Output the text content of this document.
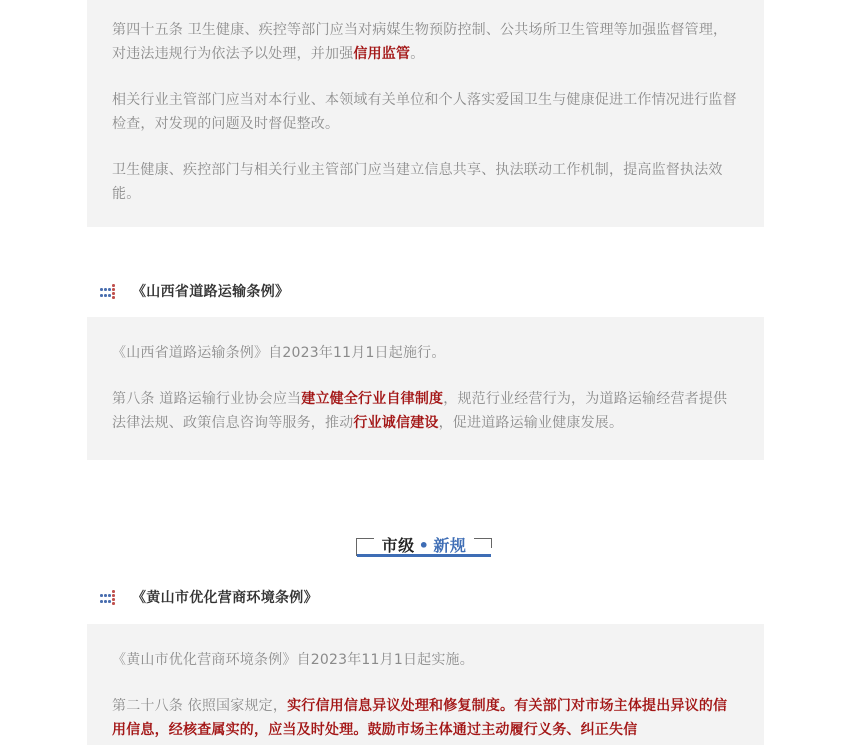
第四十五条 卫生健康、疾控等部门应当对病媒生物预防控制、公共场所卫生管理等加强监督管理，对违法违规行为依法予以处理，并加强信用监管。

相关行业主管部门应当对本行业、本领域有关单位和个人落实爱国卫生与健康促进工作情况进行监督检查，对发现的问题及时督促整改。

卫生健康、疾控部门与相关行业主管部门应当建立信息共享、执法联动工作机制，提高监督执法效能。

《山西省道路运输条例》

《山西省道路运输条例》自2023年11月1日起施行。

第八条 道路运输行业协会应当建立健全行业自律制度，规范行业经营行为，为道路运输经营者提供法律法规、政策信息咨询等服务，推动行业诚信建设，促进道路运输业健康发展。

市级 • 新规
《黄山市优化营商环境条例》

《黄山市优化营商环境条例》自2023年11月1日起实施。

第二十八条 依照国家规定，实行信用信息异议处理和修复制度。有关部门对市场主体提出异议的信用信息，经核查属实的，应当及时处理。鼓励市场主体通过主动履行义务、纠正失信
